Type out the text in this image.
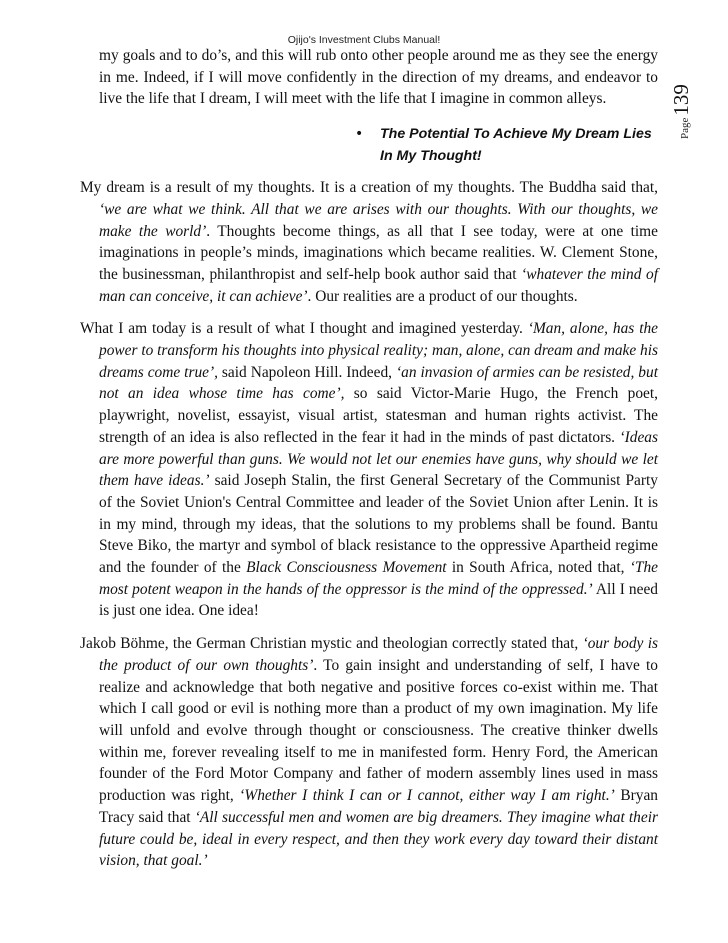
Ojijo's Investment Clubs Manual!
Page139

my goals and to do’s, and this will rub onto other people around me as they see the energy in me. Indeed, if I will move confidently in the direction of my dreams, and endeavor to live the life that I dream, I will meet with the life that I imagine in common alleys.

• The Potential To Achieve My Dream Lies In My Thought!

My dream is a result of my thoughts. It is a creation of my thoughts. The Buddha said that, ‘we are what we think. All that we are arises with our thoughts. With our thoughts, we make the world’. Thoughts become things, as all that I see today, were at one time imaginations in people’s minds, imaginations which became realities. W. Clement Stone, the businessman, philanthropist and self-help book author said that ‘whatever the mind of man can conceive, it can achieve’. Our realities are a product of our thoughts.

What I am today is a result of what I thought and imagined yesterday. ‘Man, alone, has the power to transform his thoughts into physical reality; man, alone, can dream and make his dreams come true’, said Napoleon Hill. Indeed, ‘an invasion of armies can be resisted, but not an idea whose time has come’, so said Victor-Marie Hugo, the French poet, playwright, novelist, essayist, visual artist, statesman and human rights activist. The strength of an idea is also reflected in the fear it had in the minds of past dictators. ‘Ideas are more powerful than guns. We would not let our enemies have guns, why should we let them have ideas.’ said Joseph Stalin, the first General Secretary of the Communist Party of the Soviet Union's Central Committee and leader of the Soviet Union after Lenin. It is in my mind, through my ideas, that the solutions to my problems shall be found. Bantu Steve Biko, the martyr and symbol of black resistance to the oppressive Apartheid regime and the founder of the Black Consciousness Movement in South Africa, noted that, ‘The most potent weapon in the hands of the oppressor is the mind of the oppressed.’ All I need is just one idea. One idea!

Jakob Böhme, the German Christian mystic and theologian correctly stated that, ‘our body is the product of our own thoughts’. To gain insight and understanding of self, I have to realize and acknowledge that both negative and positive forces co-exist within me. That which I call good or evil is nothing more than a product of my own imagination. My life will unfold and evolve through thought or consciousness. The creative thinker dwells within me, forever revealing itself to me in manifested form. Henry Ford, the American founder of the Ford Motor Company and father of modern assembly lines used in mass production was right, ‘Whether I think I can or I cannot, either way I am right.’ Bryan Tracy said that ‘All successful men and women are big dreamers. They imagine what their future could be, ideal in every respect, and then they work every day toward their distant vision, that goal.’
